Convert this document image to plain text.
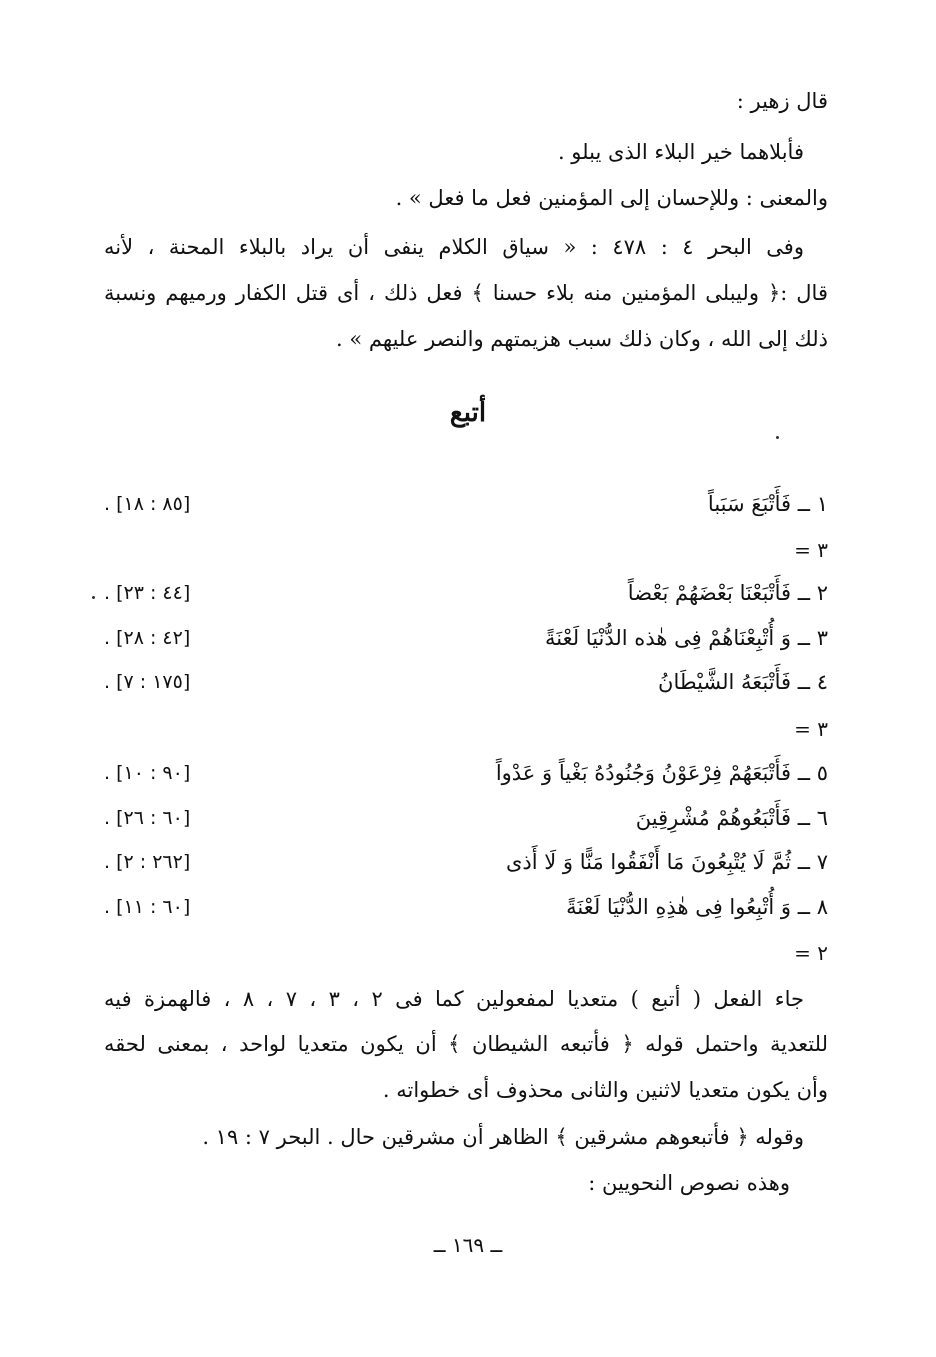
قال زهير :
فأبلاهما خير البلاء الذى يبلو .
والمعنى : وللإحسان إلى المؤمنين فعل ما فعل » .
وفى البحر ٤ : ٤٧٨ : « سياق الكلام ينفى أن يراد بالبلاء المحنة ، لأنه
قال :﴿ وليبلى المؤمنين منه بلاء حسنا ﴾ فعل ذلك ، أى قتل الكفار ورميهم ونسبة
ذلك إلى الله ، وكان ذلك سبب هزيمتهم والنصر عليهم » .
أتبع
١ ــ فَأَتْبَعَ سَبَباً
. [٨٥ : ١٨]
٣ =
٢ ــ فَأَتْبَعْنَا بَعْضَهُمْ بَعْضاً
. [٤٤ : ٢٣]
٣ ــ وَ أُتْبِعْنَاهُمْ فِى هٰذه الدُّنْيَا لَعْنَةً
. [٤٢ : ٢٨]
٤ ــ فَأَتْبَعَهُ الشَّيْطَانُ
. [١٧٥ : ٧]
٣ =
٥ ــ فَأَتْبَعَهُمْ فِرْعَوْنُ وَجُنُودُهُ بَغْياً وَ عَدْواً
. [٩٠ : ١٠]
٦ ــ فَأَتْبَعُوهُمْ مُشْرِقِينَ
. [٦٠ : ٢٦]
٧ ــ ثُمَّ لَا يُتْبِعُونَ مَا أَنْفَقُوا مَنًّا وَ لَا أَذى
. [٢٦٢ : ٢]
٨ ــ وَ أُتْبِعُوا فِى هٰذِهِ الدُّنْيَا لَعْنَةً
. [٦٠ : ١١]
٢ =
جاء الفعل ( أتبع ) متعديا لمفعولين كما فى ٢ ، ٣ ، ٧ ، ٨ ، فالهمزة فيه
للتعدية واحتمل قوله ﴿ فأتبعه الشيطان ﴾ أن يكون متعديا لواحد ، بمعنى لحقه
وأن يكون متعديا لاثنين والثانى محذوف أى خطواته .
وقوله ﴿ فأتبعوهم مشرقين ﴾ الظاهر أن مشرقين حال . البحر ٧ : ١٩ .
وهذه نصوص النحويين :
ــ ١٦٩ ــ
